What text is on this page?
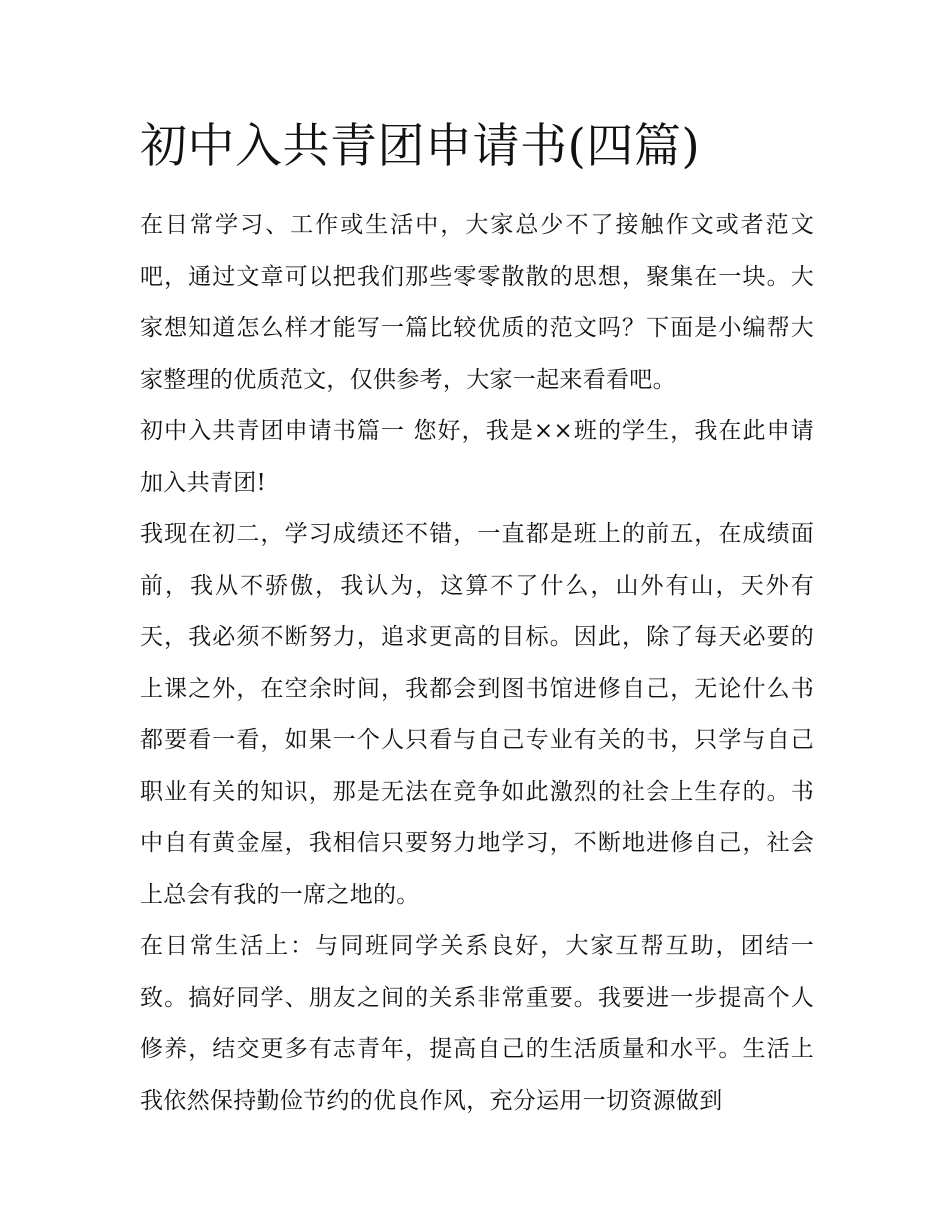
初中入共青团申请书(四篇)

在日常学习、工作或生活中，大家总少不了接触作文或者范文吧，通过文章可以把我们那些零零散散的思想，聚集在一块。大家想知道怎么样才能写一篇比较优质的范文吗？下面是小编帮大家整理的优质范文，仅供参考，大家一起来看看吧。

初中入共青团申请书篇一 您好，我是××班的学生，我在此申请加入共青团!

我现在初二，学习成绩还不错，一直都是班上的前五，在成绩面前，我从不骄傲，我认为，这算不了什么，山外有山，天外有天，我必须不断努力，追求更高的目标。因此，除了每天必要的上课之外，在空余时间，我都会到图书馆进修自己，无论什么书都要看一看，如果一个人只看与自己专业有关的书，只学与自己职业有关的知识，那是无法在竞争如此激烈的社会上生存的。书中自有黄金屋，我相信只要努力地学习，不断地进修自己，社会上总会有我的一席之地的。

在日常生活上：与同班同学关系良好，大家互帮互助，团结一致。搞好同学、朋友之间的关系非常重要。我要进一步提高个人修养，结交更多有志青年，提高自己的生活质量和水平。生活上我依然保持勤俭节约的优良作风，充分运用一切资源做到
